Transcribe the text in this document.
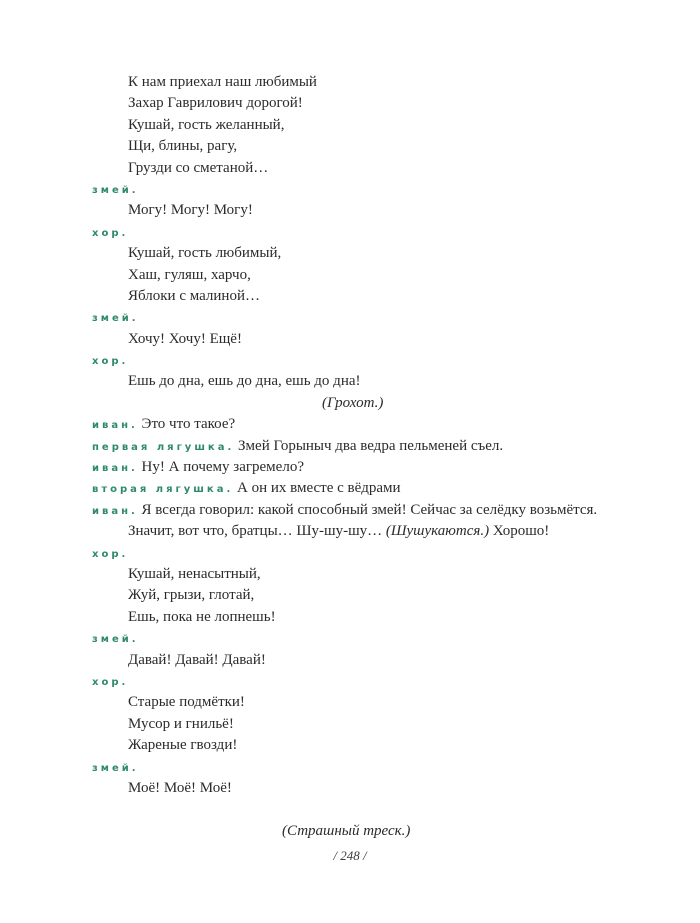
К нам приехал наш любимый
Захар Гаврилович дорогой!
Кушай, гость желанный,
Щи, блины, рагу,
Грузди со сметаной…
змей.
Могу! Могу! Могу!
хор.
Кушай, гость любимый,
Хаш, гуляш, харчо,
Яблоки с малиной…
змей.
Хочу! Хочу! Ещё!
хор.
Ешь до дна, ешь до дна, ешь до дна!
(Грохот.)
иван. Это что такое?
первая лягушка. Змей Горыныч два ведра пельменей съел.
иван. Ну! А почему загремело?
вторая лягушка. А он их вместе с вёдрами
иван. Я всегда говорил: какой способный змей! Сейчас за селёдку возьмётся.
Значит, вот что, братцы… Шу-шу-шу… (Шушукаются.) Хорошо!
хор.
Кушай, ненасытный,
Жуй, грызи, глотай,
Ешь, пока не лопнешь!
змей.
Давай! Давай! Давай!
хор.
Старые подмётки!
Мусор и гнильё!
Жареные гвозди!
змей.
Моё! Моё! Моё!
(Страшный треск.)
/ 248 /
